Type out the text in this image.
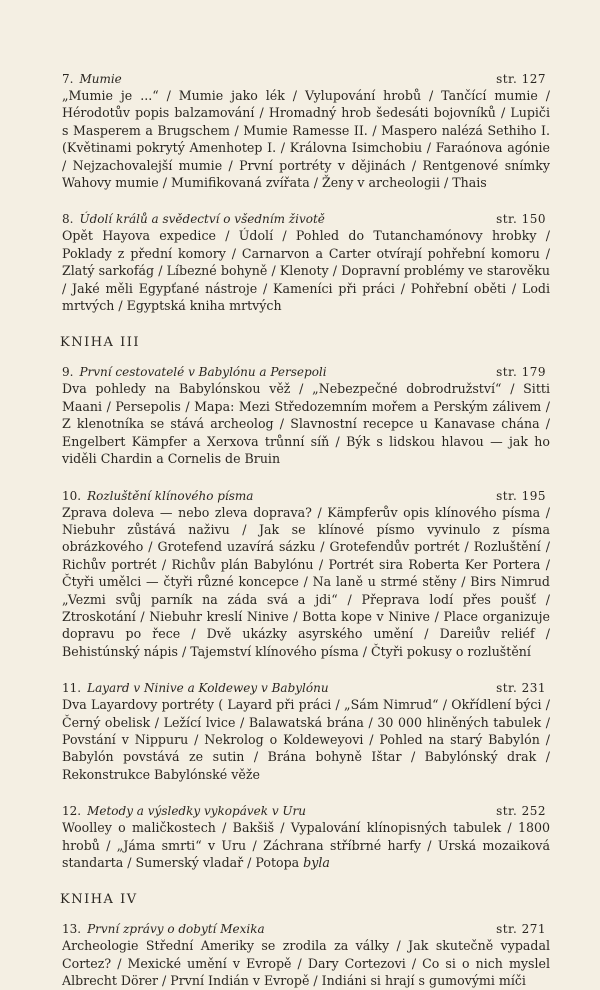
7. Mumie	str. 127
„Mumie je ...“ / Mumie jako lék / Vylupování hrobů / Tančící mumie / Hérodotův popis balzamování / Hromadný hrob šedesáti bojovníků / Lupiči s Masperem a Brugschem / Mumie Ramesse II. / Maspero nalézá Sethiho I. (Květinami pokrytý Amenhotep I. / Královna Isimchobiu / Faraónova agónie / Nejzachovalejší mumie / První portréty v dějinách / Rentgenové snímky Wahovy mumie / Mumifikovaná zvířata / Ženy v archeologii / Thais
8. Údolí králů a svědectví o všedním životě	str. 150
Opět Hayova expedice / Údolí / Pohled do Tutanchamónovy hrobky / Poklady z přední komory / Carnarvon a Carter otvírají pohřební komoru / Zlatý sarkofág / Líbezné bohyně / Klenoty / Dopravní problémy ve starověku / Jaké měli Egypťané nástroje / Kameníci při práci / Pohřební oběti / Lodi mrtvých / Egyptská kniha mrtvých
KNIHA III
9. První cestovatelé v Babylónu a Persepoli	str. 179
Dva pohledy na Babylónskou věž / „Nebezpečné dobrodružství“ / Sitti Maani / Persepolis / Mapa: Mezi Středozemním mořem a Perským zálivem / Z klenotníka se stává archeolog / Slavnostní recepce u Kanavase chána / Engelbert Kämpfer a Xerxova trůnní síň / Býk s lidskou hlavou — jak ho viděli Chardin a Cornelis de Bruin
10. Rozluštění klínového písma	str. 195
Zprava doleva — nebo zleva doprava? / Kämpferův opis klínového písma / Niebuhr zůstává naživu / Jak se klínové písmo vyvinulo z písma obrázkového / Grotefend uzavírá sázku / Grotefendův portrét / Rozluštění / Richův portrét / Richův plán Babylónu / Portrét sira Roberta Ker Portera / Čtyři umělci — čtyři různé koncepce / Na laně u strmé stěny / Birs Nimrud „Vezmi svůj parník na záda svá a jdi“ / Přeprava lodí přes poušť / Ztroskotání / Niebuhr kreslí Ninive / Botta kope v Ninive / Place organizuje dopravu po řece / Dvě ukázky asyrského umění / Dareiův reliéf / Behistúnský nápis / Tajemství klínového písma / Čtyři pokusy o rozluštění
11. Layard v Ninive a Koldewey v Babylónu	str. 231
Dva Layardovy portréty ( Layard při práci / „Sám Nimrud“ / Okřídlení býci / Černý obelisk / Ležící lvice / Balawatská brána / 30 000 hliněných tabulek / Povstání v Nippuru / Nekrolog o Koldeweyovi / Pohled na starý Babylón / Babylón povstává ze sutin / Brána bohyně Ištar / Babylónský drak / Rekonstrukce Babylónské věže
12. Metody a výsledky vykopávek v Uru	str. 252
Woolley o maličkostech / Bakšiš / Vypalování klínopisných tabulek / 1800 hrobů / „Jáma smrti“ v Uru / Záchrana stříbrné harfy / Urská mozaiková standarta / Sumerský vladař / Potopa byla
KNIHA IV
13. První zprávy o dobytí Mexika	str. 271
Archeologie Střední Ameriky se zrodila za války / Jak skutečně vypadal Cortez? / Mexické umění v Evropě / Dary Cortezovi / Co si o nich myslel Albrecht Dörer / První Indián v Evropě / Indiáni si hrají s gumovými míči
